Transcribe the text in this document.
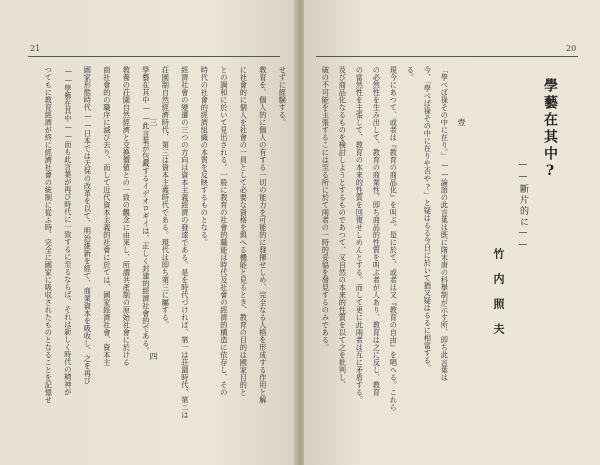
21
三
四
せずに經験する。
教育を、個人的に個人の有する一切の能力を可能的に發揮せしめ、完全なる人格を形成する作用と解
に社會的に個人を社會の一員として必要な資格を與へる機能と見るとき、教育の目的は國家目的と
との調和に於いて見出される。一般に教育の社會的職能は時代及社會の經濟的構造に依存し、その
時代の社會的經濟組織の本質を反映するものとなる。
經濟社會の變遷の三つの方向は資本主義經濟の發達である。是を時代づければ、第一は荘園時代、第二は
荘園制自然經濟時代、第三は資本主義時代である。現代は即ち第三に屬する。
學藝在其中——此言葉が包藏するイデオロギイは、正しく封建的經濟社會的である。
教養の荘園自然經濟と交換價値との一致の觀念に由來し、所謂共產制の原始社會に於ける
商社會的の職序に滅び去り、而して近代資本主義的社會に於ては、國家經濟社會、資本主
國家形態時代——日本では天保の改革を以て、明治維新を經て、商業資本を吸收し、之を再び
——學藝在其中——而も此言葉が再び時代に一致するに至るならば、それは新しく時代の精神が
つてもに教育經濟が終に經濟社會の統制に從ふ時、完全に國家に吸収されたものとなることを記憶せ
20
學藝在其中?
——斷片的に——
竹内照夫
壹
「學べば祿その中に在り。」——論語の此言葉は既に隋末唐の科擧制が示す所、即ち此言葉は
今、「學べば祿その中に在りや否や?」と疑はるる今日に於いて猶又疑はるるに相當する。
る。
現今にあつて、或者は『教育の商品化』を叫ぶ。是に於て、或者は又『教育の自由』を唱へる。これら
の必然性を生み出して、教育の商業性、即ち商品的性質を叫ぶ者が人あり、教育は之に反し、教育
の當然性を主張して、教育の本来的性質を回復せしめんとする。而して更に此兩者は互に矛盾する。
及び商品化なるものを検討しようとするものであつて、又自然の本来的性質を以て之を批判し、
破の不可能を主張するこには至る所に於て兩者の一時的妥協を發見するのみである。
